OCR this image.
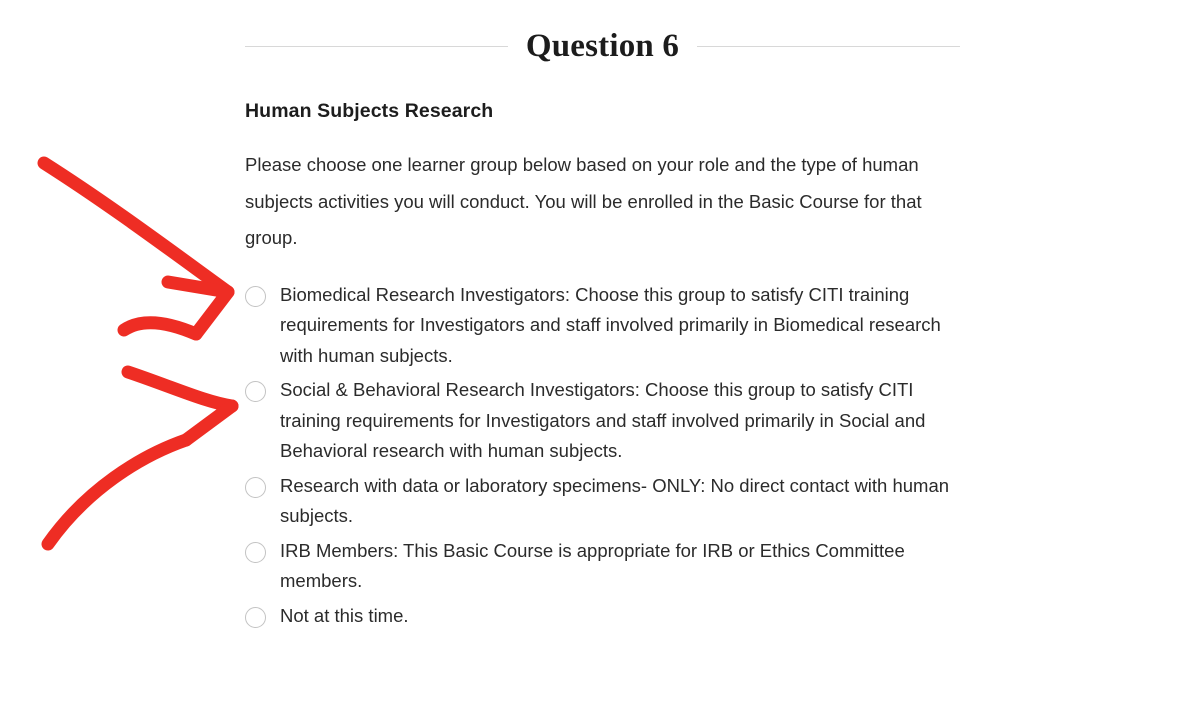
Question 6
Human Subjects Research

Please choose one learner group below based on your role and the type of human subjects activities you will conduct. You will be enrolled in the Basic Course for that group.

Biomedical Research Investigators: Choose this group to satisfy CITI training requirements for Investigators and staff involved primarily in Biomedical research with human subjects.
Social & Behavioral Research Investigators: Choose this group to satisfy CITI training requirements for Investigators and staff involved primarily in Social and Behavioral research with human subjects.
Research with data or laboratory specimens- ONLY: No direct contact with human subjects.
IRB Members: This Basic Course is appropriate for IRB or Ethics Committee members.
Not at this time.
